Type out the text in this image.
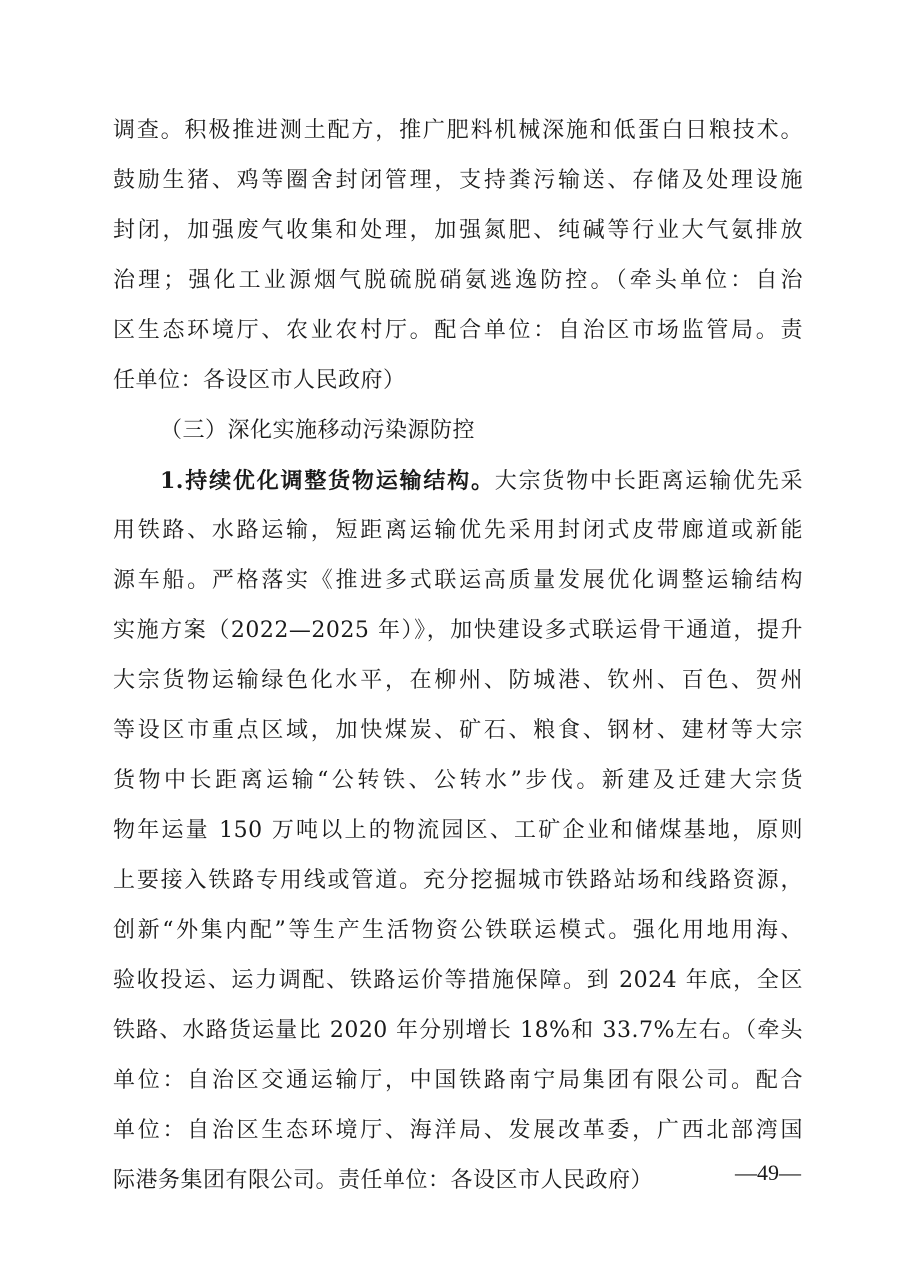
调查。积极推进测土配方，推广肥料机械深施和低蛋白日粮技术。
鼓励生猪、鸡等圈舍封闭管理，支持粪污输送、存储及处理设施
封闭，加强废气收集和处理，加强氮肥、纯碱等行业大气氨排放
治理；强化工业源烟气脱硫脱硝氨逃逸防控。（牵头单位：自治
区生态环境厅、农业农村厅。配合单位：自治区市场监管局。责
任单位：各设区市人民政府）
（三）深化实施移动污染源防控
1.持续优化调整货物运输结构。大宗货物中长距离运输优先采
用铁路、水路运输，短距离运输优先采用封闭式皮带廊道或新能
源车船。严格落实《推进多式联运高质量发展优化调整运输结构
实施方案（2022—2025 年）》，加快建设多式联运骨干通道，提升
大宗货物运输绿色化水平，在柳州、防城港、钦州、百色、贺州
等设区市重点区域，加快煤炭、矿石、粮食、钢材、建材等大宗
货物中长距离运输“公转铁、公转水”步伐。新建及迁建大宗货
物年运量 150 万吨以上的物流园区、工矿企业和储煤基地，原则
上要接入铁路专用线或管道。充分挖掘城市铁路站场和线路资源，
创新“外集内配”等生产生活物资公铁联运模式。强化用地用海、
验收投运、运力调配、铁路运价等措施保障。到 2024 年底，全区
铁路、水路货运量比 2020 年分别增长 18%和 33.7%左右。（牵头
单位：自治区交通运输厅，中国铁路南宁局集团有限公司。配合
单位：自治区生态环境厅、海洋局、发展改革委，广西北部湾国
际港务集团有限公司。责任单位：各设区市人民政府）	—49—
